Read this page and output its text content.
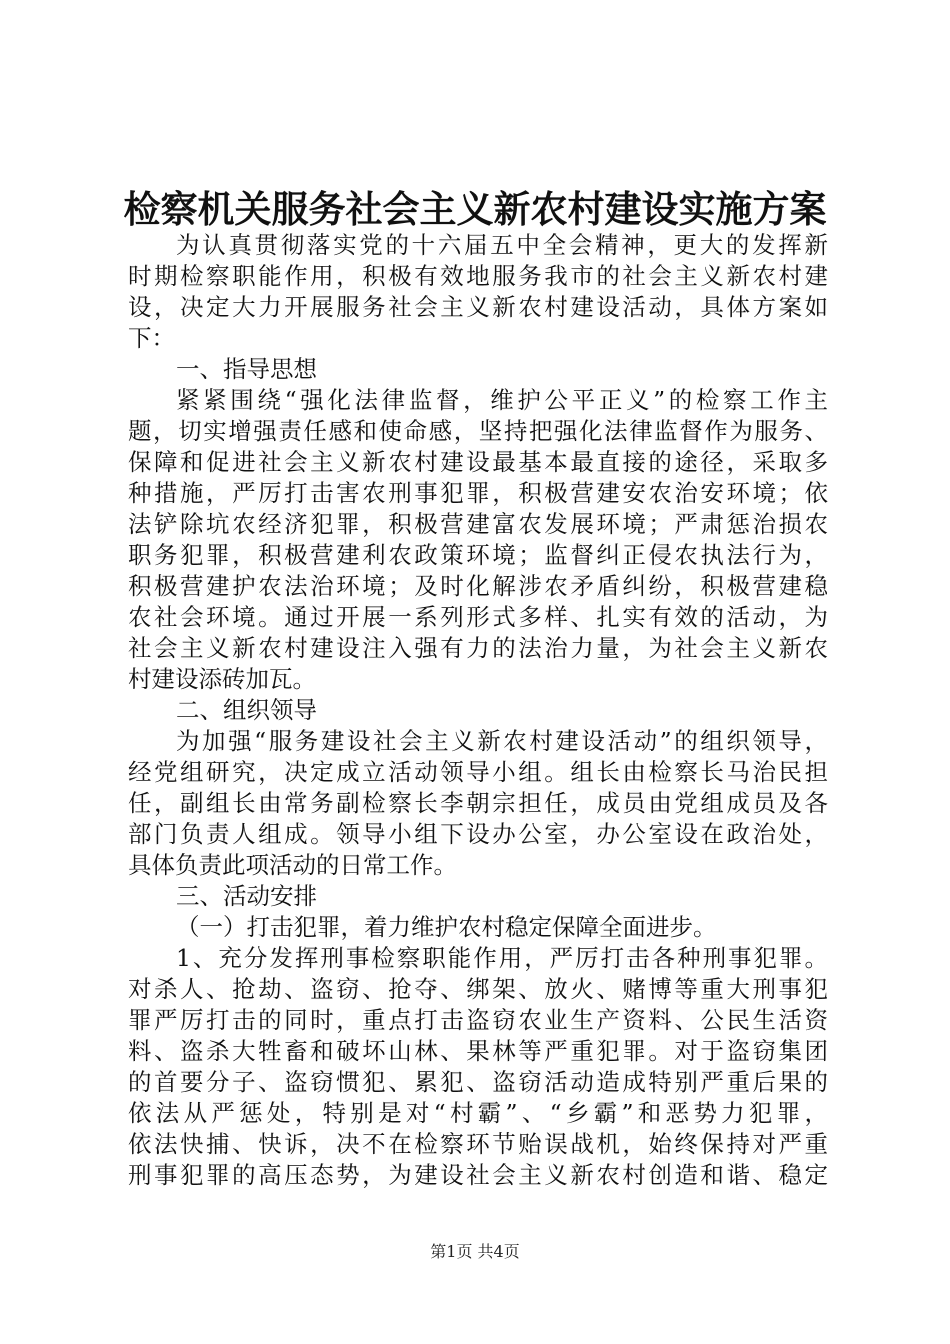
检察机关服务社会主义新农村建设实施方案
为认真贯彻落实党的十六届五中全会精神，更大的发挥新
时期检察职能作用，积极有效地服务我市的社会主义新农村建
设，决定大力开展服务社会主义新农村建设活动，具体方案如
下：
一、指导思想
紧紧围绕“强化法律监督，维护公平正义”的检察工作主
题，切实增强责任感和使命感，坚持把强化法律监督作为服务、
保障和促进社会主义新农村建设最基本最直接的途径，采取多
种措施，严厉打击害农刑事犯罪，积极营建安农治安环境；依
法铲除坑农经济犯罪，积极营建富农发展环境；严肃惩治损农
职务犯罪，积极营建利农政策环境；监督纠正侵农执法行为，
积极营建护农法治环境；及时化解涉农矛盾纠纷，积极营建稳
农社会环境。通过开展一系列形式多样、扎实有效的活动，为
社会主义新农村建设注入强有力的法治力量，为社会主义新农
村建设添砖加瓦。
二、组织领导
为加强“服务建设社会主义新农村建设活动”的组织领导，
经党组研究，决定成立活动领导小组。组长由检察长马治民担
任，副组长由常务副检察长李朝宗担任，成员由党组成员及各
部门负责人组成。领导小组下设办公室，办公室设在政治处，
具体负责此项活动的日常工作。
三、活动安排
（一）打击犯罪，着力维护农村稳定保障全面进步。
1、充分发挥刑事检察职能作用，严厉打击各种刑事犯罪。
对杀人、抢劫、盗窃、抢夺、绑架、放火、赌博等重大刑事犯
罪严厉打击的同时，重点打击盗窃农业生产资料、公民生活资
料、盗杀大牲畜和破坏山林、果林等严重犯罪。对于盗窃集团
的首要分子、盗窃惯犯、累犯、盗窃活动造成特别严重后果的
依法从严惩处，特别是对“村霸”、“乡霸”和恶势力犯罪，
依法快捕、快诉，决不在检察环节贻误战机，始终保持对严重
刑事犯罪的高压态势，为建设社会主义新农村创造和谐、稳定
第1页 共4页
